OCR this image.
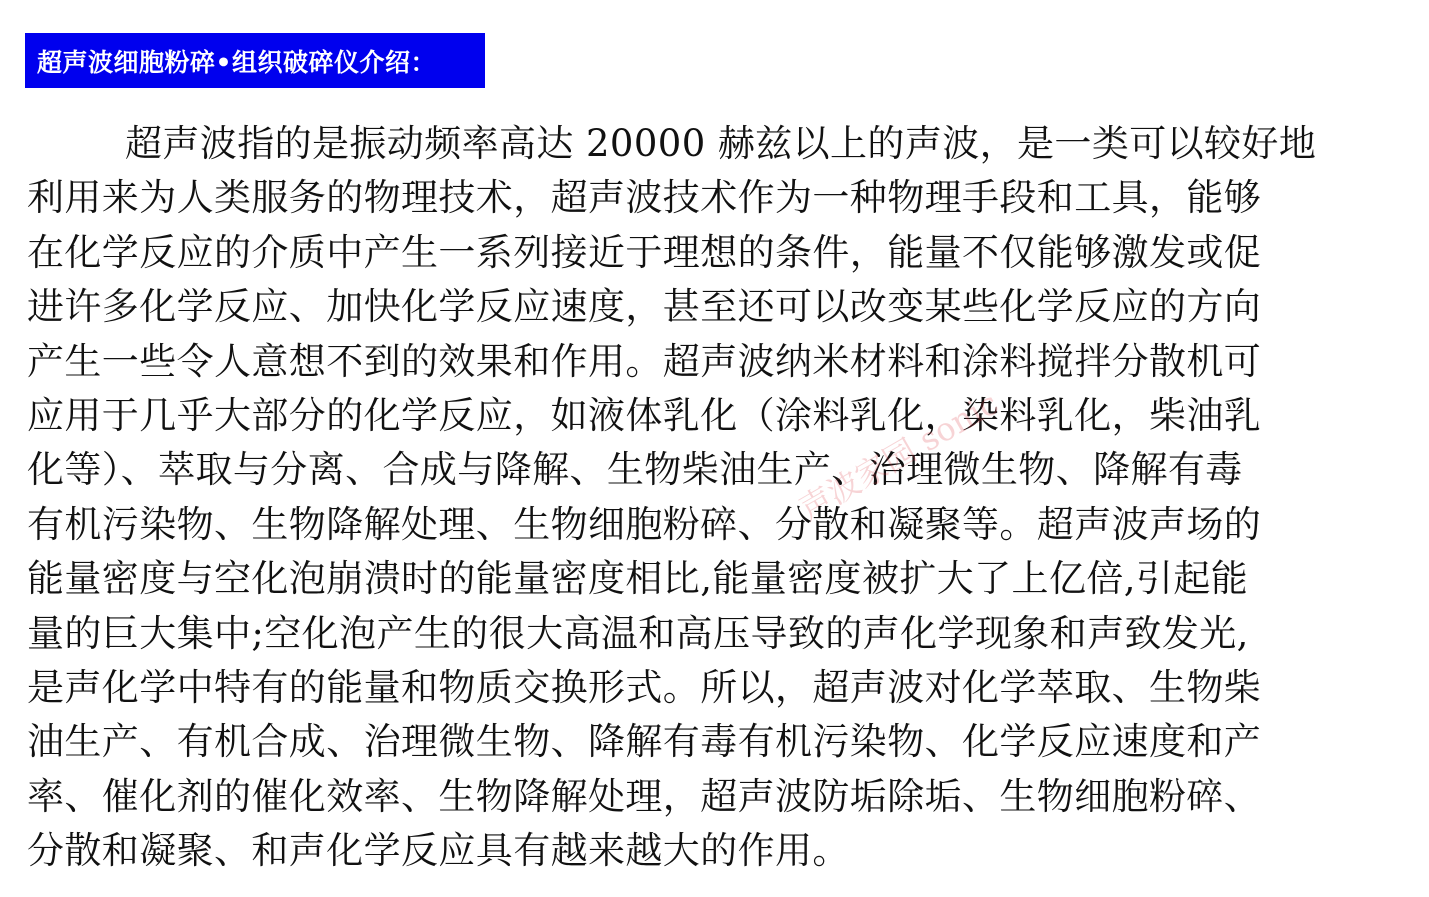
超声波细胞粉碎•组织破碎仪介绍：
超声波指的是振动频率高达 20000 赫兹以上的声波，是一类可以较好地
利用来为人类服务的物理技术，超声波技术作为一种物理手段和工具，能够
在化学反应的介质中产生一系列接近于理想的条件，能量不仅能够激发或促
进许多化学反应、加快化学反应速度，甚至还可以改变某些化学反应的方向
产生一些令人意想不到的效果和作用。超声波纳米材料和涂料搅拌分散机可
应用于几乎大部分的化学反应，如液体乳化（涂料乳化，染料乳化，柴油乳
化等）、萃取与分离、合成与降解、生物柴油生产、治理微生物、降解有毒
有机污染物、生物降解处理、生物细胞粉碎、分散和凝聚等。超声波声场的
能量密度与空化泡崩溃时的能量密度相比,能量密度被扩大了上亿倍,引起能
量的巨大集中;空化泡产生的很大高温和高压导致的声化学现象和声致发光,
是声化学中特有的能量和物质交换形式。所以，超声波对化学萃取、生物柴
油生产、有机合成、治理微生物、降解有毒有机污染物、化学反应速度和产
率、催化剂的催化效率、生物降解处理，超声波防垢除垢、生物细胞粉碎、
分散和凝聚、和声化学反应具有越来越大的作用。
声波家园 sonic
